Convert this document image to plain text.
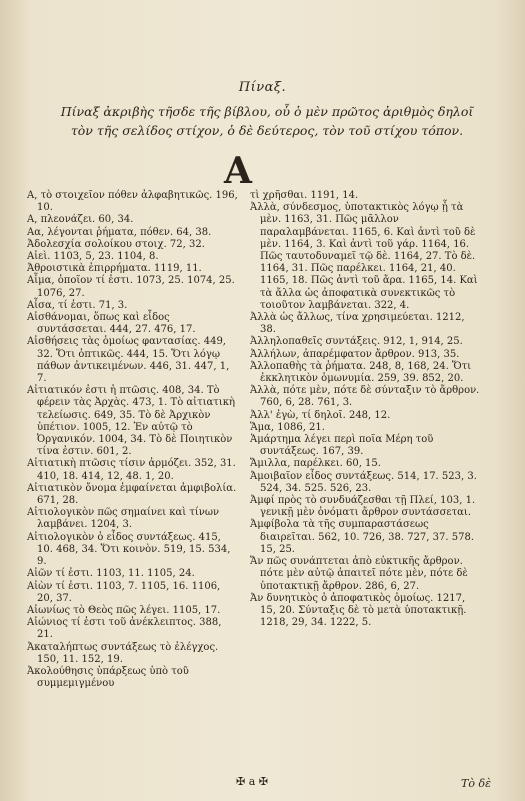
Πίναξ.
Πίναξ ἀκριβὴς τῆσδε τῆς βίβλου, οὗ ὁ μὲν πρῶτος ἀριθμὸς δηλοῖ τὸν τῆς σελίδος στίχον, ὁ δὲ δεύτερος, τὸν τοῦ στίχου τόπον.
Α

Α, τὸ στοιχεῖον πόθεν ἀλφαβητικῶς. 196, 10.

Α, πλεονάζει. 60, 34.

Αα, λέγονται ῥήματα, πόθεν. 64, 38.

Ἀδολεσχία σολοίκου στοιχ. 72, 32.

Αἰεὶ. 1103, 5, 23. 1104, 8.

Ἀθροιστικὰ ἐπιρρήματα. 1119, 11.

Αἷμα, ὁποῖον τί ἐστι. 1073, 25. 1074, 25. 1076, 27.

Αἶσα, τί ἐστι. 71, 3.

Αἰσθάνομαι, ὅπως καὶ εἶδος συντάσσεται. 444, 27. 476, 17.

Αἰσθήσεις τὰς ὁμοίως φαντασίας. 449, 32. Ὅτι ὀπτικῶς. 444, 15. Ὅτι λόγῳ πάθων ἀντικειμένων. 446, 31. 447, 1, 7.

Αἰτιατικόν ἐστι ἡ πτῶσις. 408, 34. Τὸ φέρειν τὰς Ἀρχὰς. 473, 1. Τὸ αἰτιατικὴ τελείωσις. 649, 35. Τὸ δὲ Ἀρχικὸν ὑπέτιον. 1005, 12. Ἐν αὐτῷ τὸ Ὀργανικόν. 1004, 34. Τὸ δὲ Ποιητικὸν τίνα ἐστιν. 601, 2.

Αἰτιατικὴ πτῶσις τίσιν ἁρμόζει. 352, 31. 410, 18. 414, 12, 48. 1, 20.

Αἰτιατικὸν ὄνομα ἐμφαίνεται ἀμφιβολία. 671, 28.

Αἰτιολογικὸν πῶς σημαίνει καὶ τίνων λαμβάνει. 1204, 3.

Αἰτιολογικὸν ὁ εἶδος συντάξεως. 415, 10. 468, 34. Ὅτι κοινὸν. 519, 15. 534, 9.

Αἰῶν τί ἐστι. 1103, 11. 1105, 24.

Αἰὼν τί ἐστι. 1103, 7. 1105, 16. 1106, 20, 37.

Αἰωνίως τὸ Θεὸς πῶς λέγει. 1105, 17.

Αἰώνιος τί ἐστι τοῦ ἀνέκλειπτος. 388, 21.

Ἀκαταλήπτως συντάξεως τὸ ἐλέγχος. 150, 11. 152, 19.

Ἀκολούθησις ὑπάρξεως ὑπὸ τοῦ συμμεμιγμένου

τὶ χρῆσθαι. 1191, 14.

Ἀλλὰ, σύνδεσμος, ὑποτακτικὸς λόγῳ ᾗ τὰ μὲν. 1163, 31. Πῶς μᾶλλον παραλαμβάνεται. 1165, 6. Καὶ ἀντὶ τοῦ δὲ μὲν. 1164, 3. Καὶ ἀντὶ τοῦ γάρ. 1164, 16. Πῶς ταυτοδυναμεῖ τῷ δὲ. 1164, 27. Τὸ δὲ. 1164, 31. Πῶς παρέλκει. 1164, 21, 40. 1165, 18. Πῶς ἀντὶ τοῦ ἄρα. 1165, 14. Καὶ τὰ ἄλλα ὡς ἀποφατικὰ συνεκτικῶς τὸ τοιοῦτον λαμβάνεται. 322, 4.

Ἀλλὰ ὡς ἄλλως, τίνα χρησιμεύεται. 1212, 38.

Ἀλληλοπαθεῖς συντάξεις. 912, 1, 914, 25.

Ἀλλήλων, ἀπαρέμφατον ἄρθρον. 913, 35.

Ἀλλοπαθὴς τὰ ῥήματα. 248, 8, 168, 24. Ὅτι ἐκκλητικὸν ὁμωνυμία. 259, 39. 852, 20.

Ἀλλὰ, πότε μὲν, πότε δὲ σύνταξιν τὸ ἄρθρον. 760, 6, 28. 761, 3.

Ἀλλ' ἐγὼ, τί δηλοῖ. 248, 12.

Ἅμα, 1086, 21.

Ἁμάρτημα λέγει περὶ ποῖα Μέρη τοῦ συντάξεως. 167, 39.

Ἄμιλλα, παρέλκει. 60, 15.

Ἀμοιβαῖον εἶδος συντάξεως. 514, 17. 523, 3. 524, 34. 525. 526, 23.

Ἀμφί πρὸς τὸ συνδυάζεσθαι τῇ Πλεί, 103, 1. γενικῇ μὲν ὀνόματι ἄρθρον συντάσσεται.

Ἀμφίβολα τὰ τῆς συμπαραστάσεως διαιρεῖται. 562, 10. 726, 38. 727, 37. 578. 15, 25.

Ἄν πῶς συνάπτεται ἀπὸ εὐκτικῆς ἄρθρον. πότε μὲν αὐτῷ ἀπαιτεῖ πότε μὲν, πότε δὲ ὑποτακτικῇ ἄρθρον. 286, 6, 27.

Ἀν δυνητικὸς ὁ ἀποφατικὸς ὁμοίως. 1217, 15, 20. Σύνταξις δὲ τὸ μετὰ ὑποτακτικῇ. 1218, 29, 34. 1222, 5.

✠ a ✠	Τὸ δὲ
